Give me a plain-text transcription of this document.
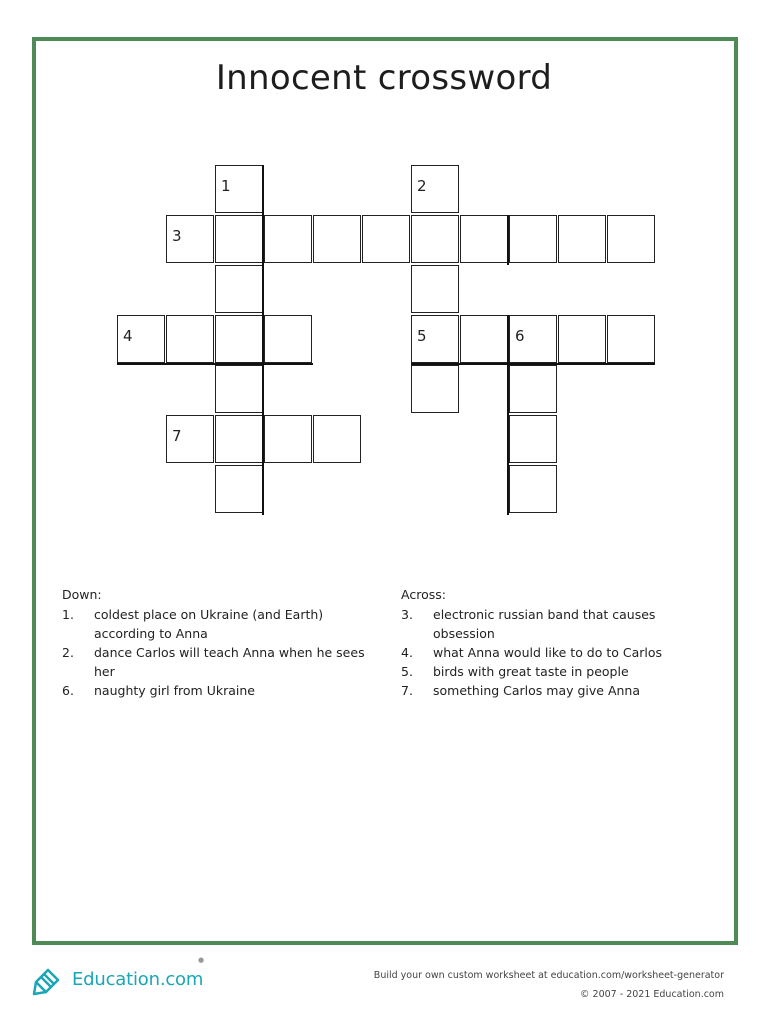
Innocent crossword
1	2
3
4	5	6
7
Down:
1.	coldest place on Ukraine (and Earth) according to Anna
2.	dance Carlos will teach Anna when he sees her
6.	naughty girl from Ukraine
Across:
3.	electronic russian band that causes obsession
4.	what Anna would like to do to Carlos
5.	birds with great taste in people
7.	something Carlos may give Anna
Education.com
●
Build your own custom worksheet at education.com/worksheet-generator
© 2007 - 2021 Education.com
